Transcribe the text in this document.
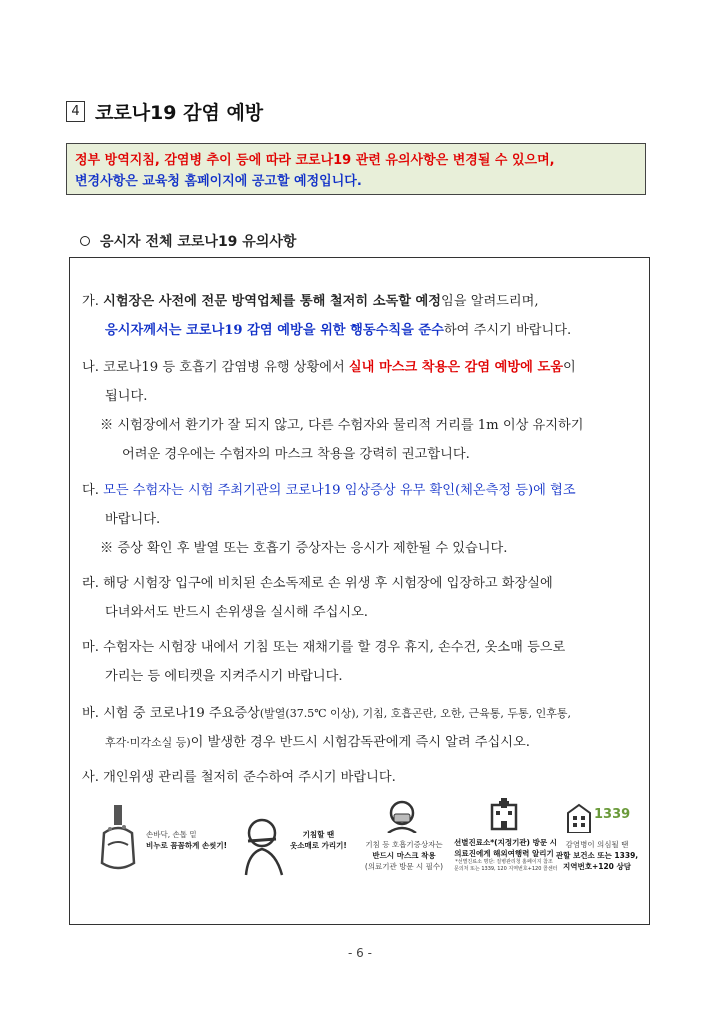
4 코로나19 감염 예방
정부 방역지침, 감염병 추이 등에 따라 코로나19 관련 유의사항은 변경될 수 있으며,
변경사항은 교육청 홈페이지에 공고할 예정입니다.
응시자 전체 코로나19 유의사항
가. 시험장은 사전에 전문 방역업체를 통해 철저히 소독할 예정임을 알려드리며,
응시자께서는 코로나19 감염 예방을 위한 행동수칙을 준수하여 주시기 바랍니다.
나. 코로나19 등 호흡기 감염병 유행 상황에서 실내 마스크 착용은 감염 예방에 도움이
됩니다.
※ 시험장에서 환기가 잘 되지 않고, 다른 수험자와 물리적 거리를 1m 이상 유지하기
어려운 경우에는 수험자의 마스크 착용을 강력히 권고합니다.
다. 모든 수험자는 시험 주최기관의 코로나19 임상증상 유무 확인(체온측정 등)에 협조
바랍니다.
※ 증상 확인 후 발열 또는 호흡기 증상자는 응시가 제한될 수 있습니다.
라. 해당 시험장 입구에 비치된 손소독제로 손 위생 후 시험장에 입장하고 화장실에
다녀와서도 반드시 손위생을 실시해 주십시오.
마. 수험자는 시험장 내에서 기침 또는 재채기를 할 경우 휴지, 손수건, 옷소매 등으로
가리는 등 에티켓을 지켜주시기 바랍니다.
바. 시험 중 코로나19 주요증상(발열(37.5℃ 이상), 기침, 호흡곤란, 오한, 근육통, 두통, 인후통,
후각·미각소실 등)이 발생한 경우 반드시 시험감독관에게 즉시 알려 주십시오.
사. 개인위생 관리를 철저히 준수하여 주시기 바랍니다.
손바닥, 손톱 밑
비누로 꼼꼼하게 손씻기!
기침할 땐
옷소매로 가리기!	기침 등 호흡기증상자는
반드시 마스크 착용
(의료기관 방문 시 필수)
선별진료소*(지정기관) 방문 시
의료진에게 해외여행력 알리기
*선별진료소 명단: 질병관리청 홈페이지 참조
문의처 또는 1339, 120 지역번호+120 콜센터
1339
감염병이 의심될 땐
관할 보건소 또는 1339,
지역번호+120 상담
- 6 -
